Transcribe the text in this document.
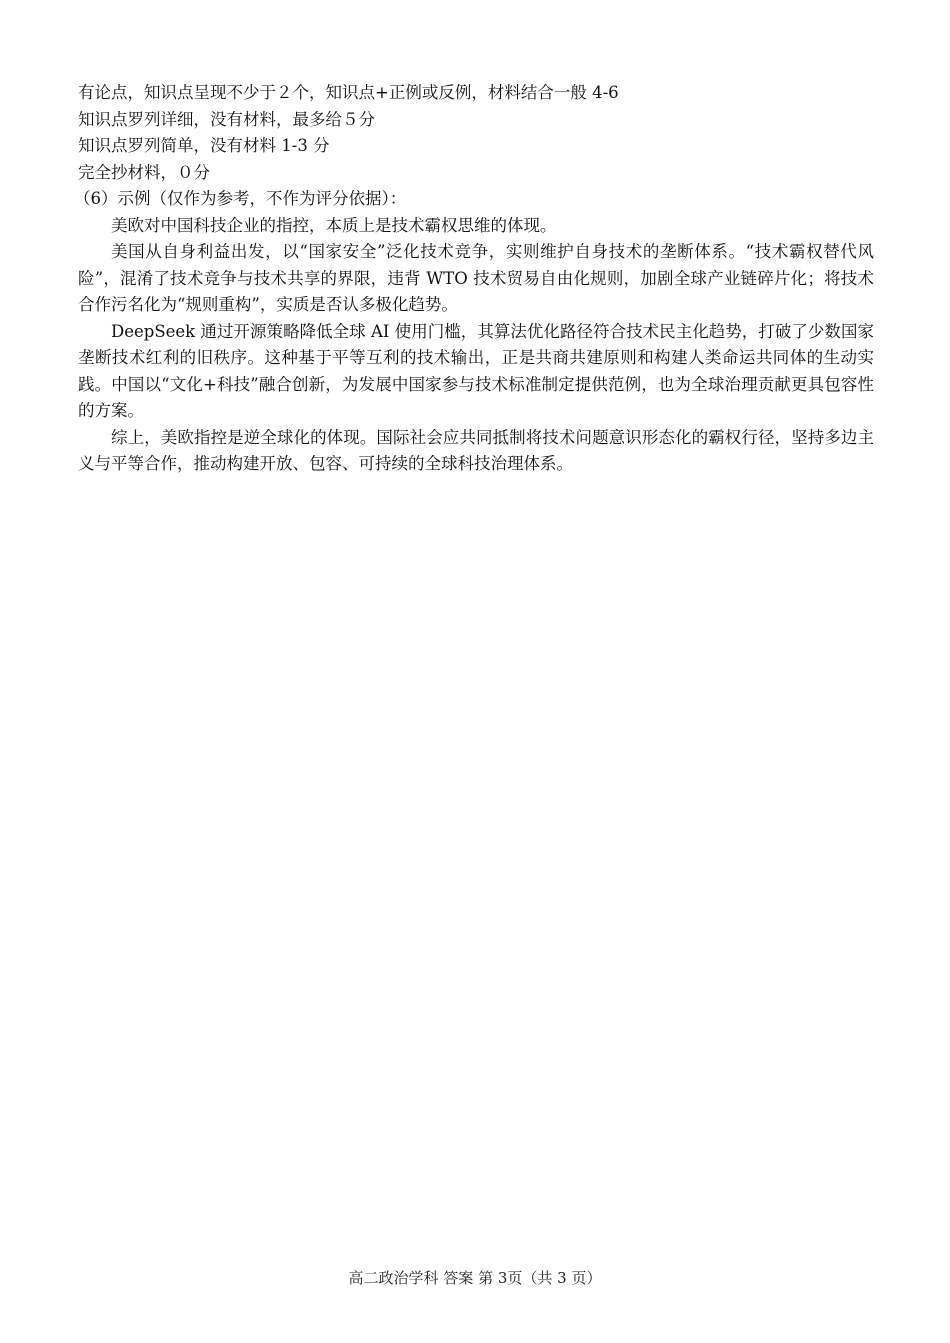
有论点，知识点呈现不少于２个，知识点+正例或反例，材料结合一般 4-6

知识点罗列详细，没有材料，最多给５分

知识点罗列简单，没有材料 1-3 分

完全抄材料，０分

（6）示例（仅作为参考，不作为评分依据）：

美欧对中国科技企业的指控，本质上是技术霸权思维的体现。

美国从自身利益出发，以“国家安全”泛化技术竞争，实则维护自身技术的垄断体系。“技术霸权替代风险”，混淆了技术竞争与技术共享的界限，违背 WTO 技术贸易自由化规则，加剧全球产业链碎片化；将技术合作污名化为“规则重构”，实质是否认多极化趋势。

DeepSeek 通过开源策略降低全球 AI 使用门槛，其算法优化路径符合技术民主化趋势，打破了少数国家垄断技术红利的旧秩序。这种基于平等互利的技术输出，正是共商共建原则和构建人类命运共同体的生动实践。中国以“文化+科技”融合创新，为发展中国家参与技术标准制定提供范例，也为全球治理贡献更具包容性的方案。

综上，美欧指控是逆全球化的体现。国际社会应共同抵制将技术问题意识形态化的霸权行径，坚持多边主义与平等合作，推动构建开放、包容、可持续的全球科技治理体系。

高二政治学科 答案 第 3页（共 3 页）
